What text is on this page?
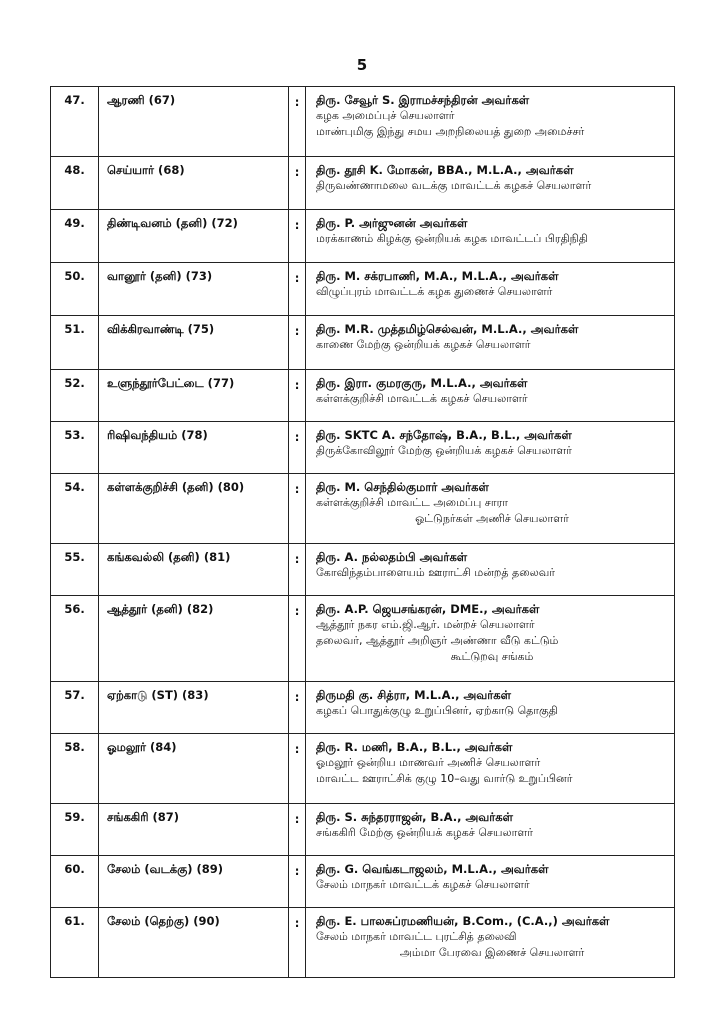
5
47.	ஆரணி (67)	:	திரு. சேவூர் S. இராமச்சந்திரன் அவர்கள்
கழக அமைப்புச் செயலாளர்
மாண்புமிகு இந்து சமய அறநிலையத் துறை அமைச்சர்

48.	செய்யார் (68)	:	திரு. தூசி K. மோகன், BBA., M.L.A., அவர்கள்
திருவண்ணாமலை வடக்கு மாவட்டக் கழகச் செயலாளர்

49.	திண்டிவனம் (தனி) (72)	:	திரு. P. அர்ஜுனன் அவர்கள்
மரக்காணம் கிழக்கு ஒன்றியக் கழக மாவட்டப் பிரதிநிதி

50.	வானூர் (தனி) (73)	:	திரு. M. சக்ரபாணி, M.A., M.L.A., அவர்கள்
விழுப்புரம் மாவட்டக் கழக துணைச் செயலாளர்

51.	விக்கிரவாண்டி (75)	:	திரு. M.R. முத்தமிழ்செல்வன், M.L.A., அவர்கள்
காணை மேற்கு ஒன்றியக் கழகச் செயலாளர்

52.	உளுந்தூர்பேட்டை (77)	:	திரு. இரா. குமரகுரு, M.L.A., அவர்கள்
கள்ளக்குறிச்சி மாவட்டக் கழகச் செயலாளர்

53.	ரிஷிவந்தியம் (78)	:	திரு. SKTC A. சந்தோஷ், B.A., B.L., அவர்கள்
திருக்கோவிலூர் மேற்கு ஒன்றியக் கழகச் செயலாளர்

54.	கள்ளக்குறிச்சி (தனி) (80)	:	திரு. M. செந்தில்குமார் அவர்கள்
கள்ளக்குறிச்சி மாவட்ட அமைப்பு சாரா
ஓட்டுநர்கள் அணிச் செயலாளர்

55.	கங்கவல்லி (தனி) (81)	:	திரு. A. நல்லதம்பி அவர்கள்
கோவிந்தம்பாளையம் ஊராட்சி மன்றத் தலைவர்

56.	ஆத்தூர் (தனி) (82)	:	திரு. A.P. ஜெயசங்கரன், DME., அவர்கள்
ஆத்தூர் நகர எம்.ஜி.ஆர். மன்றச் செயலாளர்
தலைவர், ஆத்தூர் அறிஞர் அண்ணா வீடு கட்டும்
கூட்டுறவு சங்கம்

57.	ஏற்காடு (ST) (83)	:	திருமதி கு. சித்ரா, M.L.A., அவர்கள்
கழகப் பொதுக்குழு உறுப்பினர், ஏற்காடு தொகுதி

58.	ஓமலூர் (84)	:	திரு. R. மணி, B.A., B.L., அவர்கள்
ஓமலூர் ஒன்றிய மாணவர் அணிச் செயலாளர்
மாவட்ட ஊராட்சிக் குழு 10–வது வார்டு உறுப்பினர்

59.	சங்ககிரி (87)	:	திரு. S. சுந்தரராஜன், B.A., அவர்கள்
சங்ககிரி மேற்கு ஒன்றியக் கழகச் செயலாளர்

60.	சேலம் (வடக்கு) (89)	:	திரு. G. வெங்கடாஜலம், M.L.A., அவர்கள்
சேலம் மாநகர் மாவட்டக் கழகச் செயலாளர்

61.	சேலம் (தெற்கு) (90)	:	திரு. E. பாலசுப்ரமணியன், B.Com., (C.A.,) அவர்கள்
சேலம் மாநகர் மாவட்ட புரட்சித் தலைவி
அம்மா பேரவை இணைச் செயலாளர்
